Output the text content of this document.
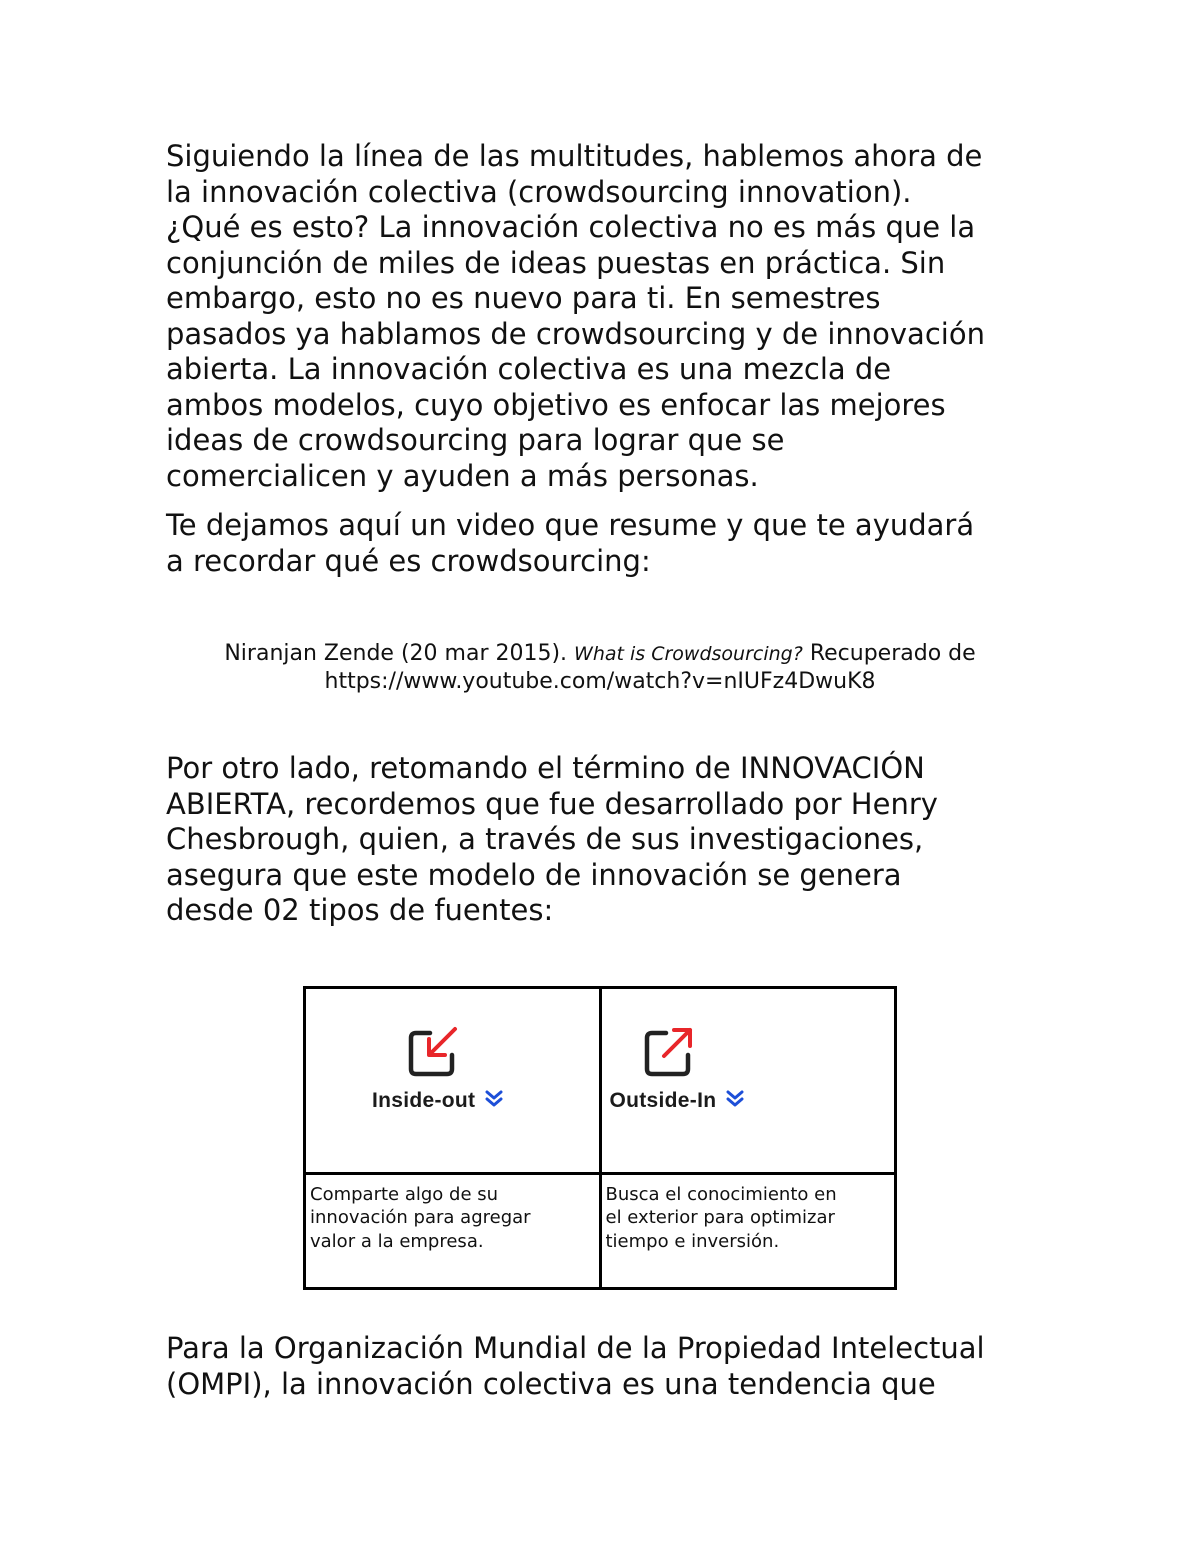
Siguiendo la línea de las multitudes, hablemos ahora de
la innovación colectiva (crowdsourcing innovation).
¿Qué es esto? La innovación colectiva no es más que la
conjunción de miles de ideas puestas en práctica. Sin
embargo, esto no es nuevo para ti. En semestres
pasados ya hablamos de crowdsourcing y de innovación
abierta. La innovación colectiva es una mezcla de
ambos modelos, cuyo objetivo es enfocar las mejores
ideas de crowdsourcing para lograr que se
comercialicen y ayuden a más personas.

Te dejamos aquí un video que resume y que te ayudará
a recordar qué es crowdsourcing:

Niranjan Zende (20 mar 2015). What is Crowdsourcing? Recuperado de
https://www.youtube.com/watch?v=nIUFz4DwuK8

Por otro lado, retomando el término de INNOVACIÓN
ABIERTA, recordemos que fue desarrollado por Henry
Chesbrough, quien, a través de sus investigaciones,
asegura que este modelo de innovación se genera
desde 02 tipos de fuentes:

Inside-out	Outside-In

Comparte algo de su
innovación para agregar
valor a la empresa.	Busca el conocimiento en
el exterior para optimizar
tiempo e inversión.

Para la Organización Mundial de la Propiedad Intelectual
(OMPI), la innovación colectiva es una tendencia que
